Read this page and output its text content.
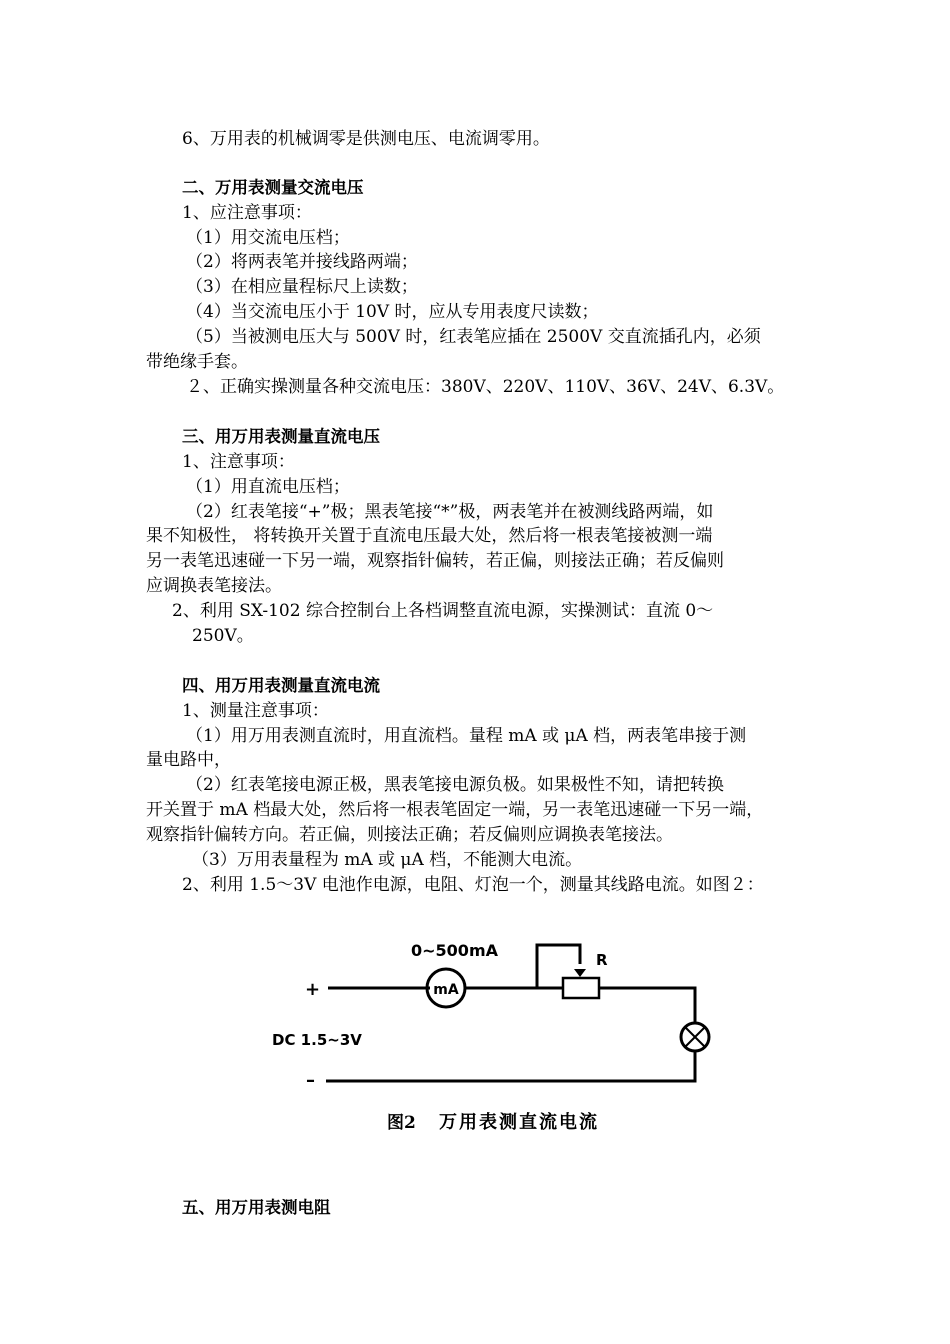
6、万用表的机械调零是供测电压、电流调零用。
二、万用表测量交流电压
1、应注意事项：
（1）用交流电压档；
（2）将两表笔并接线路两端；
（3）在相应量程标尺上读数；
（4）当交流电压小于 10V 时，应从专用表度尺读数；
（5）当被测电压大与 500V 时，红表笔应插在 2500V 交直流插孔内，必须
带绝缘手套。
２、正确实操测量各种交流电压：380V、220V、110V、36V、24V、6.3V。
三、用万用表测量直流电压
1、注意事项：
（1）用直流电压档；
（2）红表笔接“+”极；黑表笔接“*”极，两表笔并在被测线路两端，如
果不知极性， 将转换开关置于直流电压最大处，然后将一根表笔接被测一端
另一表笔迅速碰一下另一端，观察指针偏转，若正偏，则接法正确；若反偏则
应调换表笔接法。
2、利用 SX-102 综合控制台上各档调整直流电源，实操测试：直流 0～
250V。
四、用万用表测量直流电流
1、测量注意事项：
（1）用万用表测直流时，用直流档。量程 mA 或 μA 档，两表笔串接于测
量电路中，
（2）红表笔接电源正极，黑表笔接电源负极。如果极性不知，请把转换
开关置于 mA 档最大处，然后将一根表笔固定一端，另一表笔迅速碰一下另一端，
观察指针偏转方向。若正偏，则接法正确；若反偏则应调换表笔接法。
（3）万用表量程为 mA 或 μA 档，不能测大电流。
2、利用 1.5～3V 电池作电源，电阻、灯泡一个，测量其线路电流。如图２：
0~500mA
mA
R
+
DC 1.5~3V
–
图2 万用表测直流电流
五、用万用表测电阻
